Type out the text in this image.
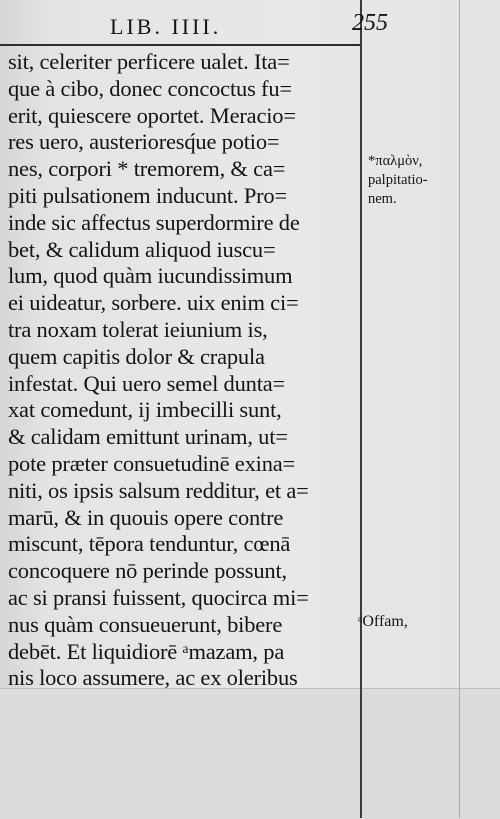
LIB. IIII.	255
sit, celeriter perficere ualet. Ita=
que à cibo, donec concoctus fu=
erit, quiescere oportet. Meracio=
res uero, austerioresq́ue potio=
nes, corpori * tremorem, & ca=
piti pulsationem inducunt. Pro=
inde sic affectus superdormire de
bet, & calidum aliquod iuscu=
lum, quod quàm iucundissimum
ei uideatur, sorbere. uix enim ci=
tra noxam tolerat ieiunium is,
quem capitis dolor & crapula
infestat. Qui uero semel dunta=
xat comedunt, ij imbecilli sunt,
& calidam emittunt urinam, ut=
pote præter consuetudinē exina=
niti, os ipsis salsum redditur, et a=
marū, & in quouis opere contre
miscunt, tēpora tenduntur, cœnā
concoquere nō perinde possunt,
ac si pransi fuissent, quocirca mi=
nus quàm consueuerunt, bibere
debēt. Et liquidiorē ᵃmazam, pa
nis loco assumere, ac ex oleribus
*παλμὸν,
palpitatio-
nem.
ᵃOffam,
